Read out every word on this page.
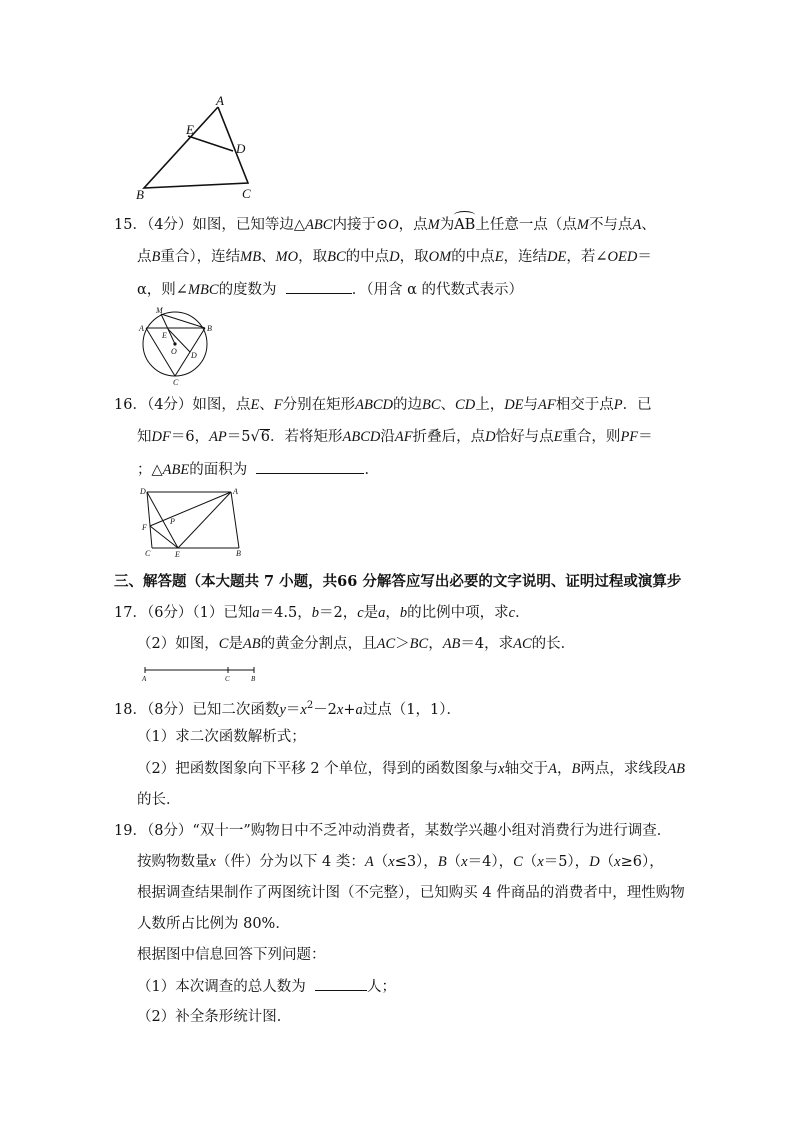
A
E
D
B	C
15．（4分）如图，已知等边△ABC内接于⊙O，点M为AB上任意一点（点M不与点A、
点B重合），连结MB、MO，取BC的中点D，取OM的中点E，连结DE，若∠OED＝
α，则∠MBC的度数为	．（用含 α 的代数式表示）
M
A	B
E
O D
C
16．（4分）如图，点E、F分别在矩形ABCD的边BC、CD上，DE与AF相交于点P．已
知DF＝6，AP＝5√6．若将矩形ABCD沿AF折叠后，点D恰好与点E重合，则PF＝
；△ABE的面积为	．
D	A
F
P
C	E	B
三、解答题（本大题共 7 小题，共66 分解答应写出必要的文字说明、证明过程或演算步
17．（6分）（1）已知a＝4.5，b＝2，c是a，b的比例中项，求c．
（2）如图，C是AB的黄金分割点，且AC＞BC，AB＝4，求AC的长．
A	C	B
18．（8分）已知二次函数$y=x^2-2x+a$过点（1，1）．
（1）求二次函数解析式；
（2）把函数图象向下平移 2 个单位，得到的函数图象与x轴交于A，B两点，求线段AB
的长．
19．（8分）“双十一”购物日中不乏冲动消费者，某数学兴趣小组对消费行为进行调查．
按购物数量x（件）分为以下 4 类：A（x≤3），B（x＝4），C（x＝5），D（x≥6），
根据调查结果制作了两图统计图（不完整），已知购买 4 件商品的消费者中，理性购物
人数所占比例为 80%．
根据图中信息回答下列问题：
（1）本次调查的总人数为	人；
（2）补全条形统计图．
